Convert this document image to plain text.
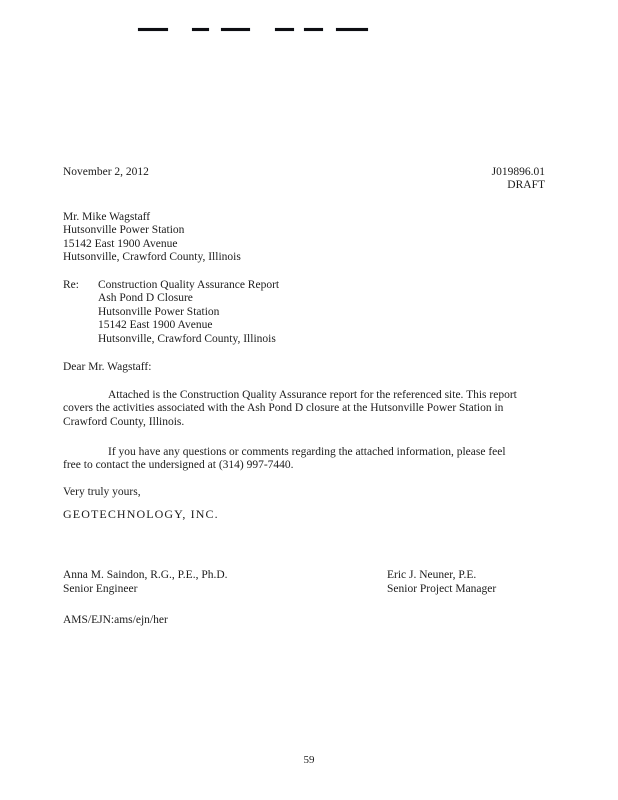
November 2, 2012	J019896.01
DRAFT
Mr. Mike Wagstaff
Hutsonville Power Station
15142 East 1900 Avenue
Hutsonville, Crawford County, Illinois
Re:	Construction Quality Assurance Report
Ash Pond D Closure
Hutsonville Power Station
15142 East 1900 Avenue
Hutsonville, Crawford County, Illinois
Dear Mr. Wagstaff:
Attached is the Construction Quality Assurance report for the referenced site. This report
covers the activities associated with the Ash Pond D closure at the Hutsonville Power Station in
Crawford County, Illinois.
If you have any questions or comments regarding the attached information, please feel
free to contact the undersigned at (314) 997-7440.
Very truly yours,
GEOTECHNOLOGY, INC.
Anna M. Saindon, R.G., P.E., Ph.D.
Senior Engineer
Eric J. Neuner, P.E.
Senior Project Manager
AMS/EJN:ams/ejn/her
59
